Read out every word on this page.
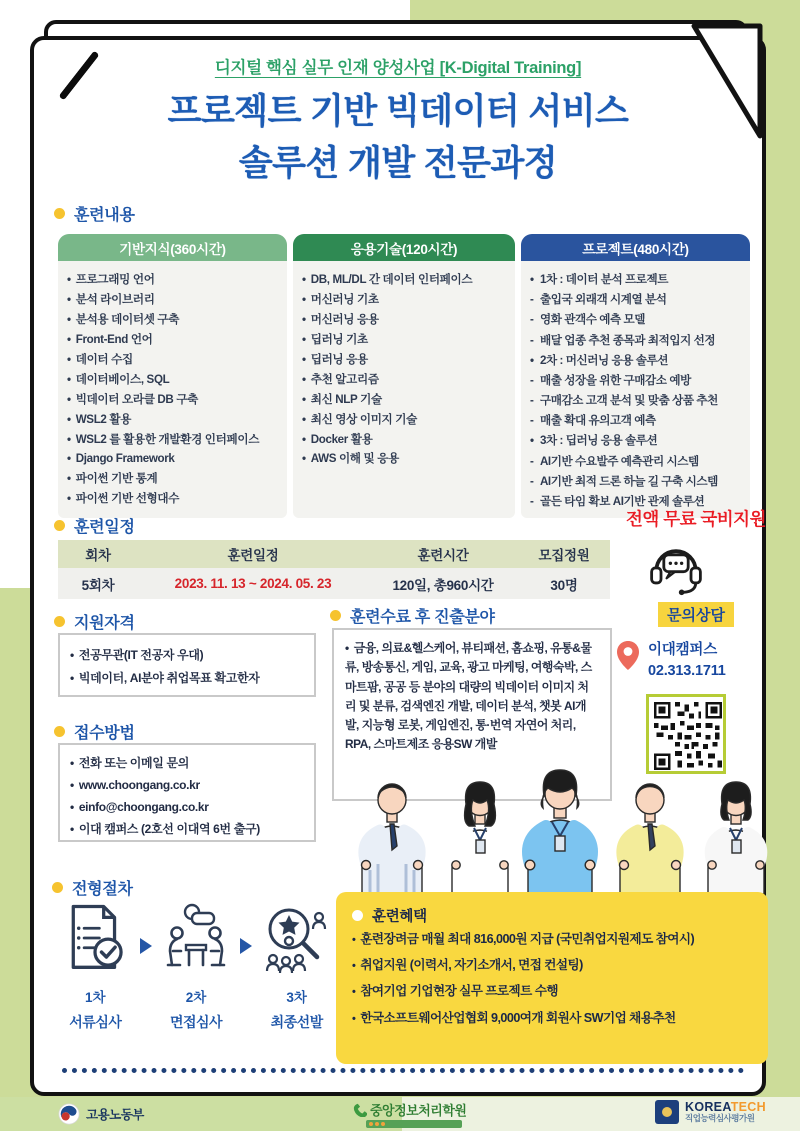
디지털 핵심 실무 인재 양성사업 [K-Digital Training]
프로젝트 기반 빅데이터 서비스
솔루션 개발 전문과정
훈련내용
기반지식(360시간)
• 프로그래밍 언어
• 분석 라이브러리
• 분석용 데이터셋 구축
• Front-End 언어
• 데이터 수집
• 데이터베이스, SQL
• 빅데이터 오라클 DB 구축
• WSL2 활용
• WSL2 를 활용한 개발환경 인터페이스
• Django Framework
• 파이썬 기반 통계
• 파이썬 기반 선형대수
응용기술(120시간)
• DB, ML/DL 간 데이터 인터페이스
• 머신러닝 기초
• 머신러닝 응용
• 딥러닝 기초
• 딥러닝 응용
• 추천 알고리즘
• 최신 NLP 기술
• 최신 영상 이미지 기술
• Docker 활용
• AWS 이해 및 응용
프로젝트(480시간)
• 1차 : 데이터 분석 프로젝트
- 출입국 외래객 시계열 분석
- 영화 관객수 예측 모델
- 배달 업종 추천 종목과 최적입지 선정
• 2차 : 머신러닝 응용 솔루션
- 매출 성장을 위한 구매감소 예방
- 구매감소 고객 분석 및 맞춤 상품 추천
- 매출 확대 유의고객 예측
• 3차 : 딥러닝 응용 솔루션
- AI기반 수요발주 예측관리 시스템
- AI기반 최적 드론 하늘 길 구축 시스템
- 골든 타임 확보 AI기반 관제 솔루션
훈련일정
회차	훈련일정	훈련시간	모집정원
5회차	2023. 11. 13 ~ 2024. 05. 23	120일, 총960시간	30명
전액 무료 국비지원
문의상담
이대캠퍼스
02.313.1711
지원자격
• 전공무관(IT 전공자 우대)
• 빅데이터, AI분야 취업목표 확고한자
훈련수료 후 진출분야
• 금융, 의료&헬스케어, 뷰티패션, 홈쇼핑, 유통&물류, 방송통신, 게임, 교육, 광고 마케팅, 여행숙박, 스마트팜, 공공 등 분야의 대량의 빅데이터 이미지 처리 및 분류, 검색엔진 개발, 데이터 분석, 챗봇 AI개발, 지능형 로봇, 게임엔진, 통·번역 자연어 처리, RPA, 스마트제조 응용SW 개발
접수방법
• 전화 또는 이메일 문의
• www.choongang.co.kr
• einfo@choongang.co.kr
• 이대 캠퍼스 (2호선 이대역 6번 출구)
전형절차
1차
서류심사
2차
면접심사
3차
최종선발
훈련혜택
• 훈련장려금 매월 최대 816,000원 지급 (국민취업지원제도 참여시)
• 취업지원 (이력서, 자기소개서, 면접 컨설팅)
• 참여기업 기업현장 실무 프로젝트 수행
• 한국소프트웨어산업협회 9,000여개 회원사 SW기업 채용추천
고용노동부	중앙정보처리학원	KOREATECH
직업능력심사평가원
